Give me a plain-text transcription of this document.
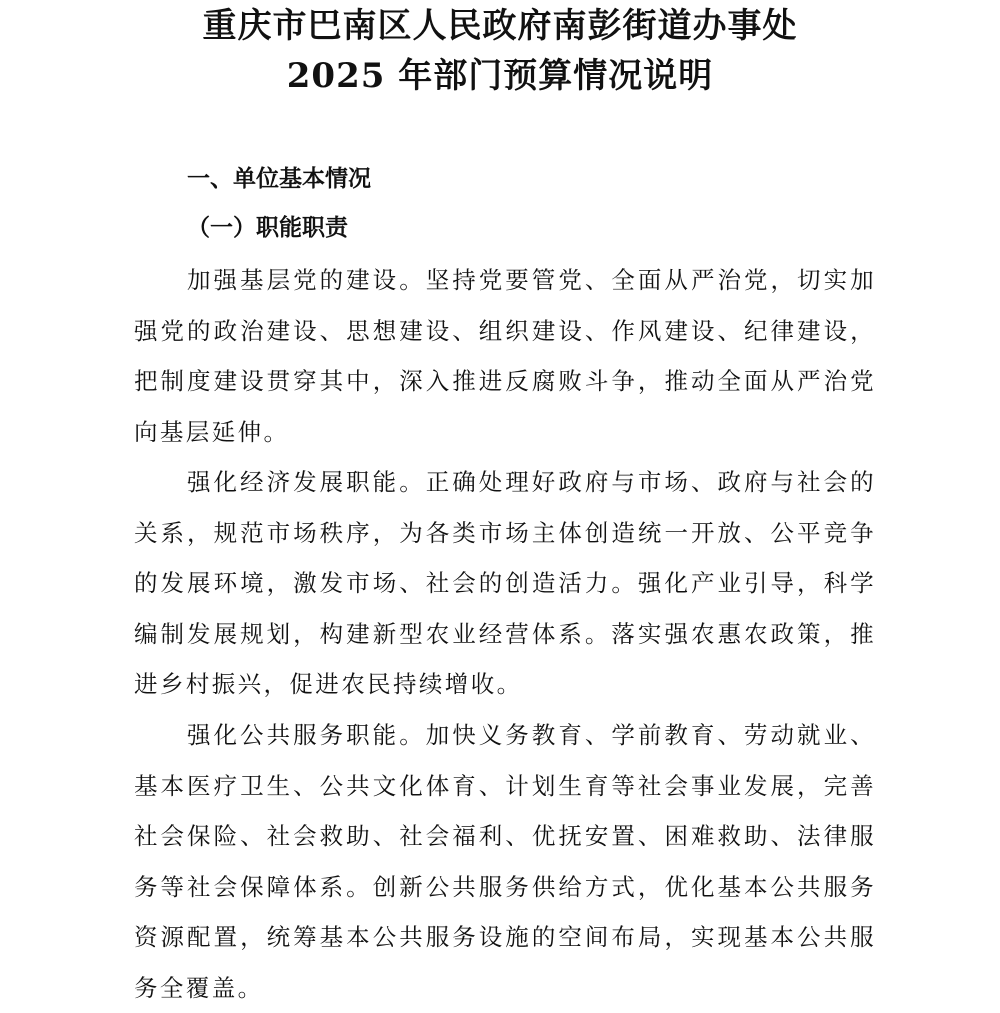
重庆市巴南区人民政府南彭街道办事处
2025 年部门预算情况说明
一、单位基本情况
（一）职能职责

加强基层党的建设。坚持党要管党、全面从严治党，切实加强党的政治建设、思想建设、组织建设、作风建设、纪律建设，把制度建设贯穿其中，深入推进反腐败斗争，推动全面从严治党向基层延伸。

强化经济发展职能。正确处理好政府与市场、政府与社会的关系，规范市场秩序，为各类市场主体创造统一开放、公平竞争的发展环境，激发市场、社会的创造活力。强化产业引导，科学编制发展规划，构建新型农业经营体系。落实强农惠农政策，推进乡村振兴，促进农民持续增收。

强化公共服务职能。加快义务教育、学前教育、劳动就业、基本医疗卫生、公共文化体育、计划生育等社会事业发展，完善社会保险、社会救助、社会福利、优抚安置、困难救助、法律服务等社会保障体系。创新公共服务供给方式，优化基本公共服务资源配置，统筹基本公共服务设施的空间布局，实现基本公共服务全覆盖。
